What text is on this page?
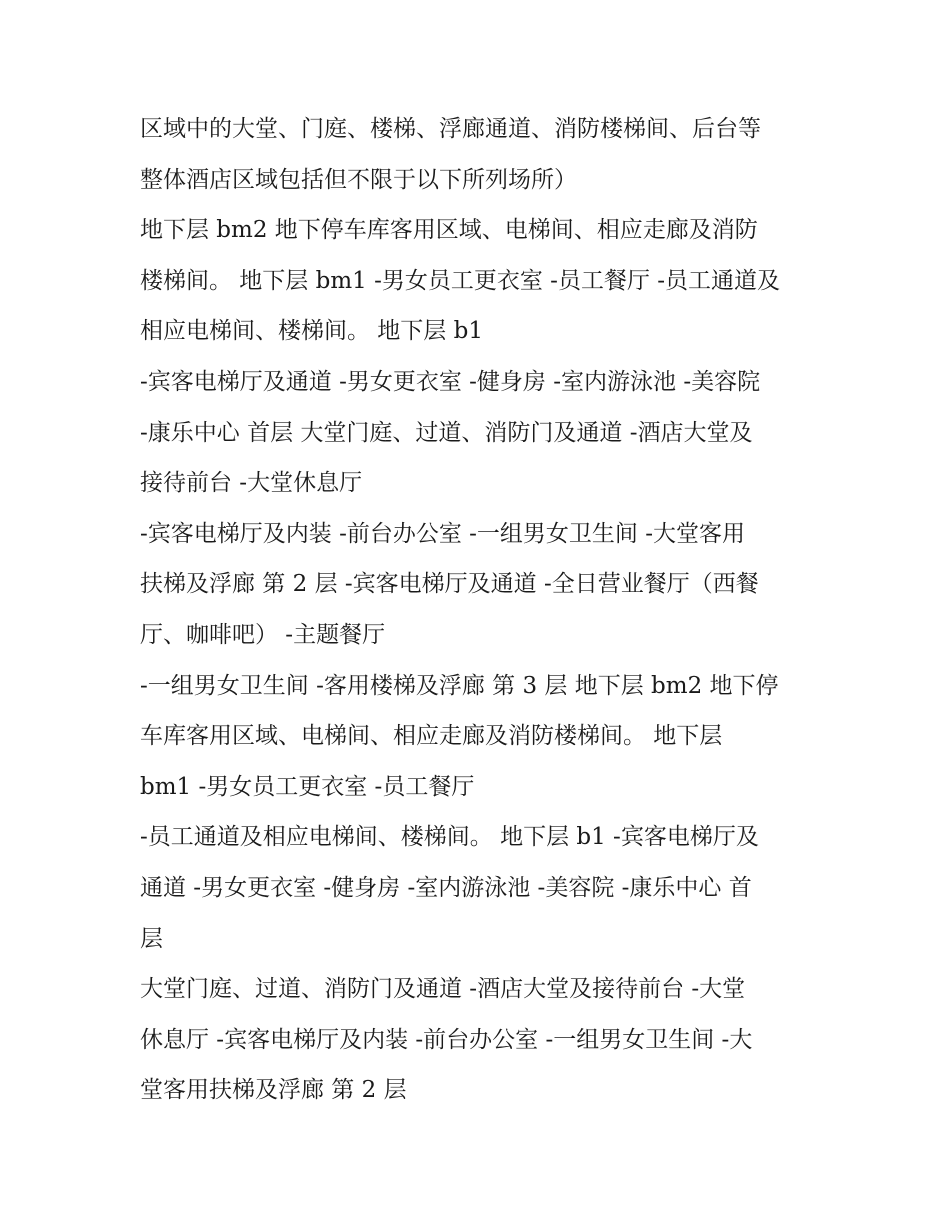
区域中的大堂、门庭、楼梯、浮廊通道、消防楼梯间、后台等
整体酒店区域包括但不限于以下所列场所）
地下层 bm2 地下停车库客用区域、电梯间、相应走廊及消防
楼梯间。 地下层 bm1 -男女员工更衣室 -员工餐厅 -员工通道及
相应电梯间、楼梯间。 地下层 b1
-宾客电梯厅及通道 -男女更衣室 -健身房 -室内游泳池 -美容院
-康乐中心 首层 大堂门庭、过道、消防门及通道 -酒店大堂及
接待前台 -大堂休息厅
-宾客电梯厅及内装 -前台办公室 -一组男女卫生间 -大堂客用
扶梯及浮廊 第 2 层 -宾客电梯厅及通道 -全日营业餐厅（西餐
厅、咖啡吧） -主题餐厅
-一组男女卫生间 -客用楼梯及浮廊 第 3 层 地下层 bm2 地下停
车库客用区域、电梯间、相应走廊及消防楼梯间。 地下层
bm1 -男女员工更衣室 -员工餐厅
-员工通道及相应电梯间、楼梯间。 地下层 b1 -宾客电梯厅及
通道 -男女更衣室 -健身房 -室内游泳池 -美容院 -康乐中心 首
层
大堂门庭、过道、消防门及通道 -酒店大堂及接待前台 -大堂
休息厅 -宾客电梯厅及内装 -前台办公室 -一组男女卫生间 -大
堂客用扶梯及浮廊 第 2 层
